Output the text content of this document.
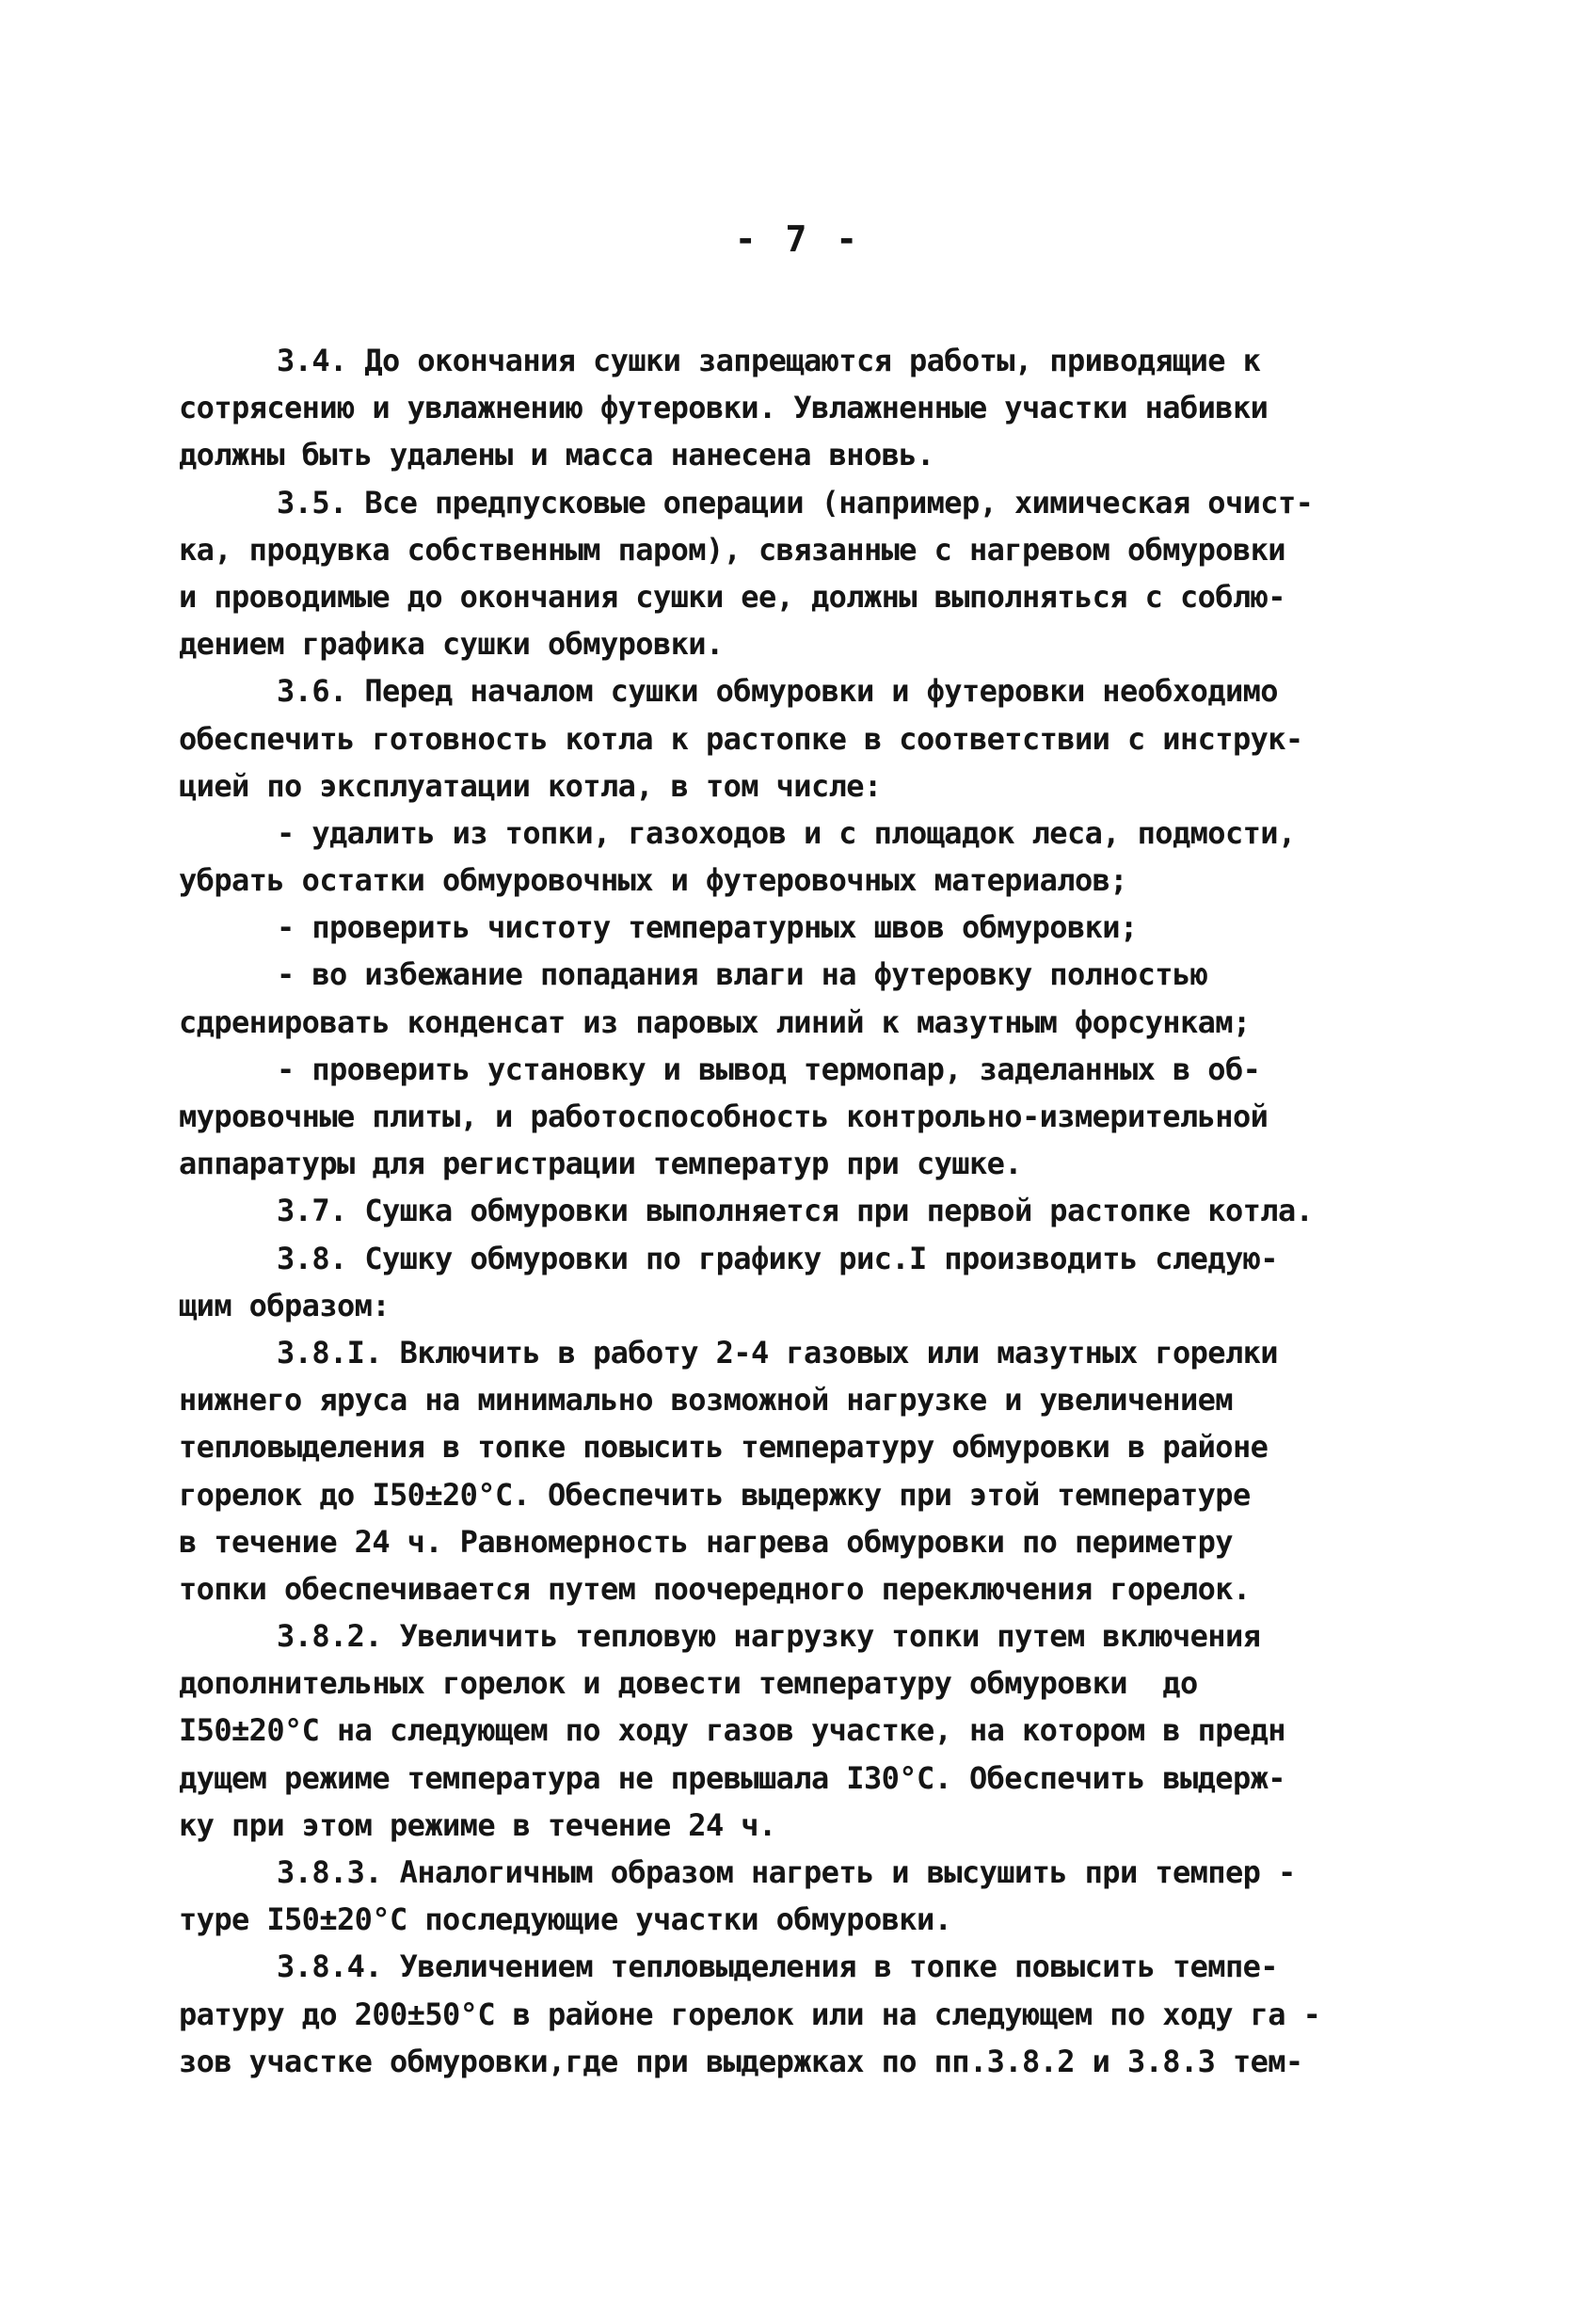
- 7 -
3.4. До окончания сушки запрещаются работы, приводящие к
сотрясению и увлажнению футеровки. Увлажненные участки набивки
должны быть удалены и масса нанесена вновь.
3.5. Все предпусковые операции (например, химическая очист-
ка, продувка собственным паром), связанные с нагревом обмуровки
и проводимые до окончания сушки ее, должны выполняться с соблю-
дением графика сушки обмуровки.
3.6. Перед началом сушки обмуровки и футеровки необходимо
обеспечить готовность котла к растопке в соответствии с инструк-
цией по эксплуатации котла, в том числе:
- удалить из топки, газоходов и с площадок леса, подмости,
убрать остатки обмуровочных и футеровочных материалов;
- проверить чистоту температурных швов обмуровки;
- во избежание попадания влаги на футеровку полностью
сдренировать конденсат из паровых линий к мазутным форсункам;
- проверить установку и вывод термопар, заделанных в об-
муровочные плиты, и работоспособность контрольно-измерительной
аппаратуры для регистрации температур при сушке.
3.7. Сушка обмуровки выполняется при первой растопке котла.
3.8. Сушку обмуровки по графику рис.I производить следую-
щим образом:
3.8.I. Включить в работу 2-4 газовых или мазутных горелки
нижнего яруса на минимально возможной нагрузке и увеличением
тепловыделения в топке повысить температуру обмуровки в районе
горелок до I50±20°C. Обеспечить выдержку при этой температуре
в течение 24 ч. Равномерность нагрева обмуровки по периметру
топки обеспечивается путем поочередного переключения горелок.
3.8.2. Увеличить тепловую нагрузку топки путем включения
дополнительных горелок и довести температуру обмуровки  до
I50±20°C на следующем по ходу газов участке, на котором в предн
дущем режиме температура не превышала I30°C. Обеспечить выдерж-
ку при этом режиме в течение 24 ч.
3.8.3. Аналогичным образом нагреть и высушить при темпер -
туре I50±20°C последующие участки обмуровки.
3.8.4. Увеличением тепловыделения в топке повысить темпе-
ратуру до 200±50°C в районе горелок или на следующем по ходу га -
зов участке обмуровки,где при выдержках по пп.3.8.2 и 3.8.3 тем-
